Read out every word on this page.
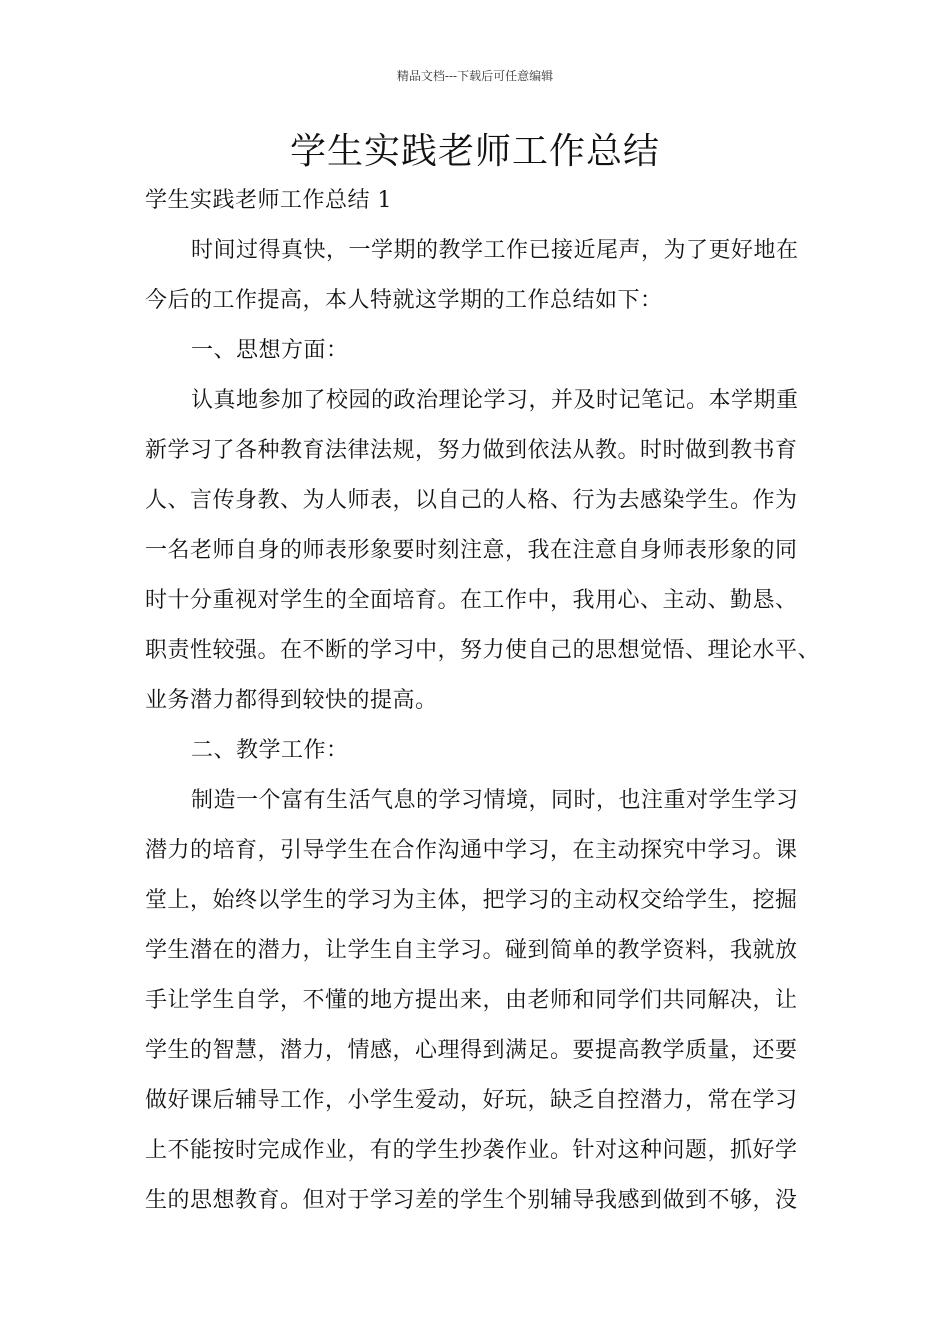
精品文档---下载后可任意编辑
学生实践老师工作总结
学生实践老师工作总结 1
时间过得真快，一学期的教学工作已接近尾声，为了更好地在
今后的工作提高，本人特就这学期的工作总结如下：
一、思想方面：
认真地参加了校园的政治理论学习，并及时记笔记。本学期重
新学习了各种教育法律法规，努力做到依法从教。时时做到教书育
人、言传身教、为人师表，以自己的人格、行为去感染学生。作为
一名老师自身的师表形象要时刻注意，我在注意自身师表形象的同
时十分重视对学生的全面培育。在工作中，我用心、主动、勤恳、
职责性较强。在不断的学习中，努力使自己的思想觉悟、理论水平、
业务潜力都得到较快的提高。
二、教学工作：
制造一个富有生活气息的学习情境，同时，也注重对学生学习
潜力的培育，引导学生在合作沟通中学习，在主动探究中学习。课
堂上，始终以学生的学习为主体，把学习的主动权交给学生，挖掘
学生潜在的潜力，让学生自主学习。碰到简单的教学资料，我就放
手让学生自学，不懂的地方提出来，由老师和同学们共同解决，让
学生的智慧，潜力，情感，心理得到满足。要提高教学质量，还要
做好课后辅导工作，小学生爱动，好玩，缺乏自控潜力，常在学习
上不能按时完成作业，有的学生抄袭作业。针对这种问题，抓好学
生的思想教育。但对于学习差的学生个别辅导我感到做到不够，没
